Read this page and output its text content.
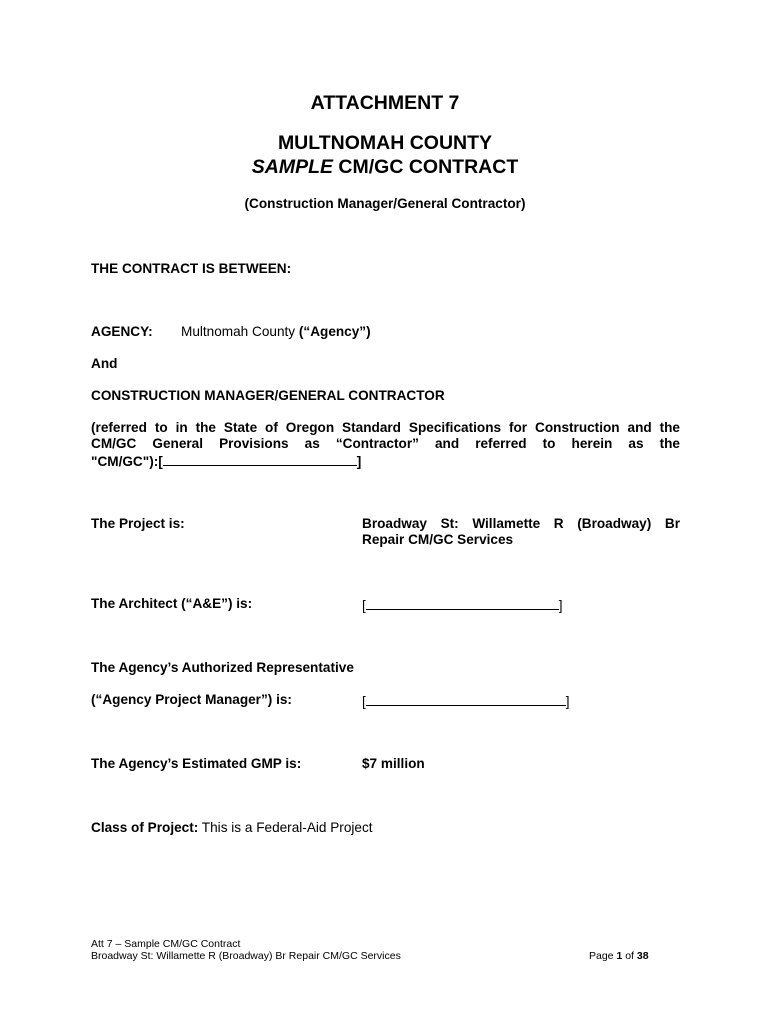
ATTACHMENT 7
MULTNOMAH COUNTY
SAMPLE CM/GC CONTRACT
(Construction Manager/General Contractor)
THE CONTRACT IS BETWEEN:
AGENCY: Multnomah County (“Agency”)
And
CONSTRUCTION MANAGER/GENERAL CONTRACTOR
(referred to in the State of Oregon Standard Specifications for Construction and the
CM/GC General Provisions as “Contractor” and referred to herein as the
"CM/GC"):[	]
The Project is:	Broadway St: Willamette R (Broadway) Br
Repair CM/GC Services
The Architect (“A&E”) is:	[	]
The Agency’s Authorized Representative
(“Agency Project Manager”) is:	[	]
The Agency’s Estimated GMP is:	$7 million
Class of Project: This is a Federal-Aid Project
Att 7 – Sample CM/GC Contract
Broadway St: Willamette R (Broadway) Br Repair CM/GC Services	Page 1 of 38
